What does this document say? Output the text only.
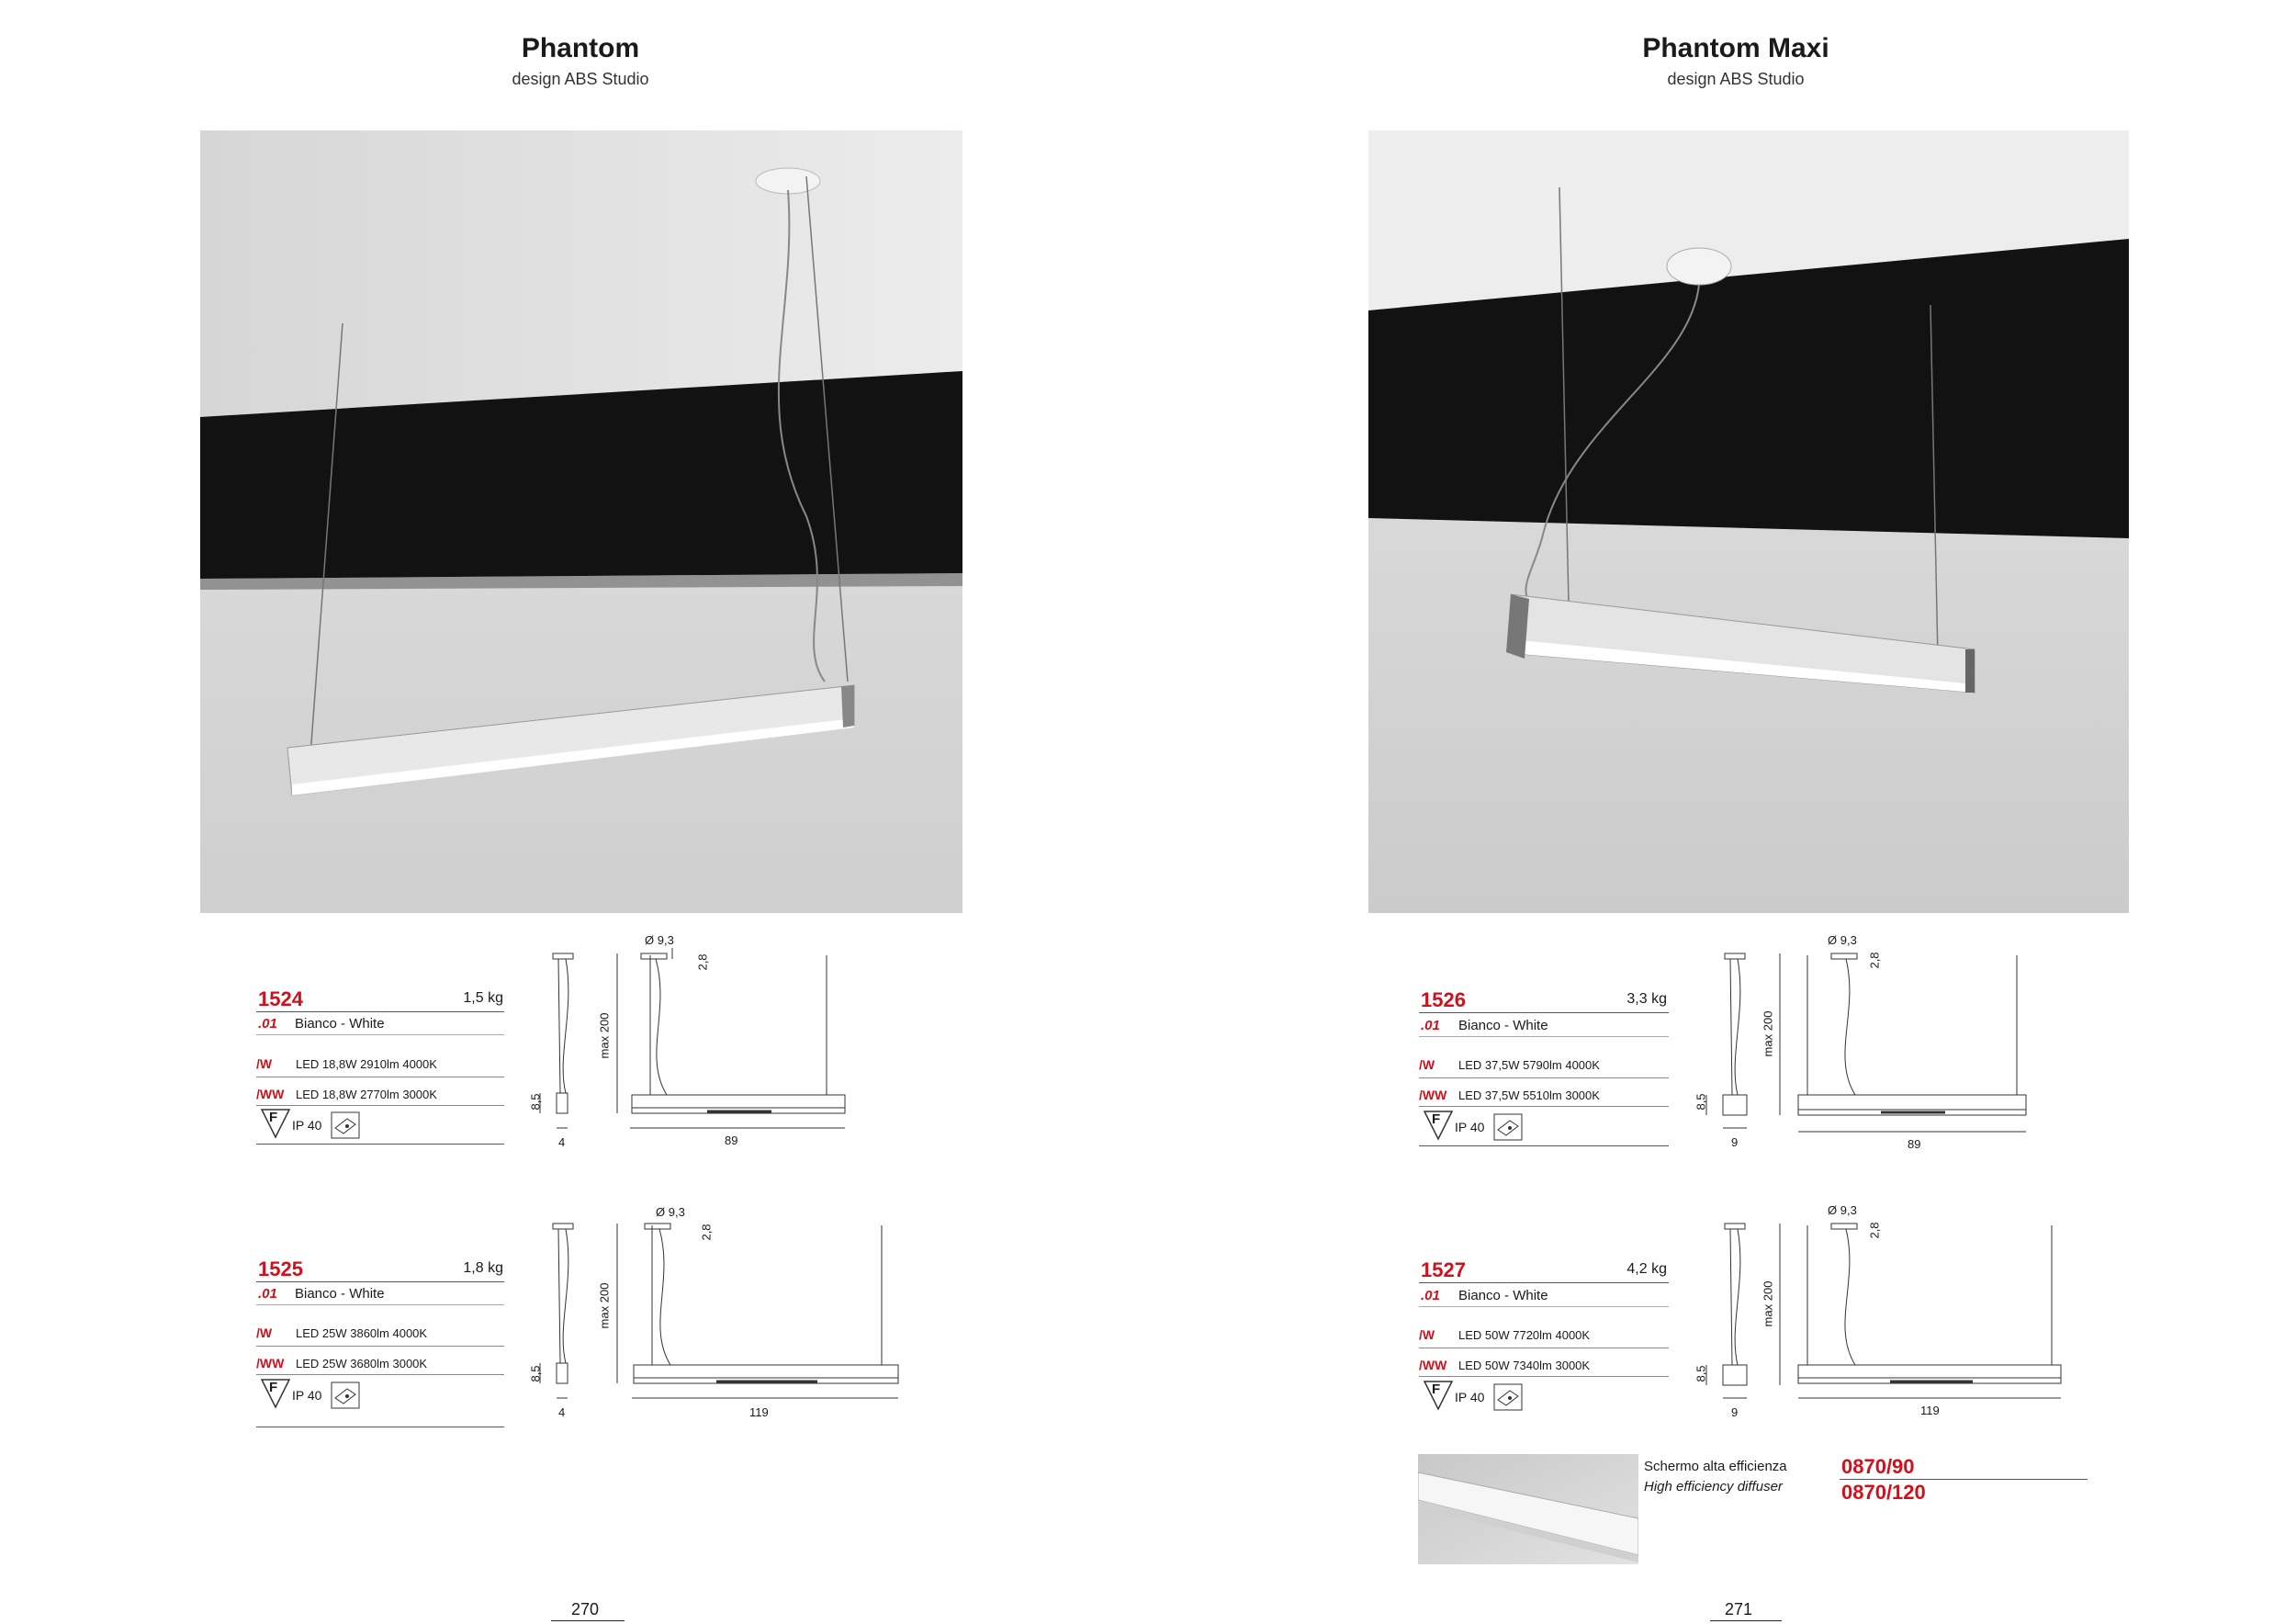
Phantom
design ABS Studio
1524	1,5 kg
.01 Bianco - White
/W LED 18,8W 2910lm 4000K
/WW LED 18,8W 2770lm 3000K
F IP 40
Ø 9,3
2,8
max 200
8,5
4	89
1525	1,8 kg
.01 Bianco - White
/W LED 25W 3860lm 4000K
/WW LED 25W 3680lm 3000K
F IP 40
Ø 9,3
2,8
max 200
8,5
4	119
270
Phantom Maxi
design ABS Studio
1526	3,3 kg
.01 Bianco - White
/W LED 37,5W 5790lm 4000K
/WW LED 37,5W 5510lm 3000K
F IP 40
Ø 9,3
2,8
max 200
8,5
9	89
1527	4,2 kg
.01 Bianco - White
/W LED 50W 7720lm 4000K
/WW LED 50W 7340lm 3000K
F IP 40
Ø 9,3
2,8
max 200
8,5
9	119
Schermo alta efficienza
High efficiency diffuser
0870/90
0870/120
271
